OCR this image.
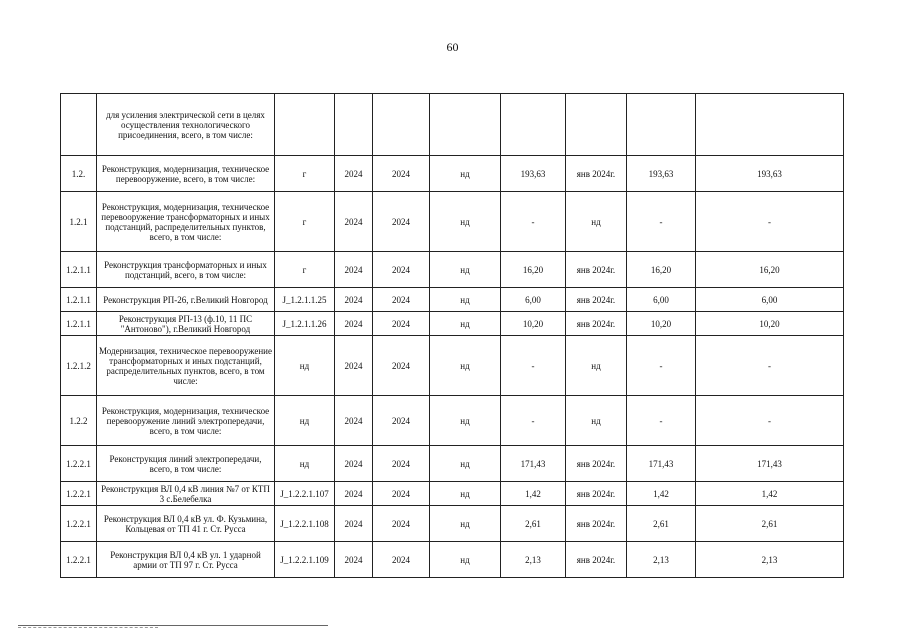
60
	для усиления электрической сети в целях осуществления технологического присоединения, всего, в том числе:								
1.2.	Реконструкция, модернизация, техническое перевооружение, всего, в том числе:	г	2024	2024	нд	193,63	янв 2024г.	193,63	193,63
1.2.1	Реконструкция, модернизация, техническое перевооружение трансформаторных и иных подстанций, распределительных пунктов, всего, в том числе:	г	2024	2024	нд	-	нд	-	-
1.2.1.1	Реконструкция трансформаторных и иных подстанций, всего, в том числе:	г	2024	2024	нд	16,20	янв 2024г.	16,20	16,20
1.2.1.1	Реконструкция РП-26, г.Великий Новгород	J_1.2.1.1.25	2024	2024	нд	6,00	янв 2024г.	6,00	6,00
1.2.1.1	Реконструкция РП-13 (ф.10, 11 ПС "Антоново"), г.Великий Новгород	J_1.2.1.1.26	2024	2024	нд	10,20	янв 2024г.	10,20	10,20
1.2.1.2	Модернизация, техническое перевооружение трансформаторных и иных подстанций, распределительных пунктов, всего, в том числе:	нд	2024	2024	нд	-	нд	-	-
1.2.2	Реконструкция, модернизация, техническое перевооружение линий электропередачи, всего, в том числе:	нд	2024	2024	нд	-	нд	-	-
1.2.2.1	Реконструкция линий электропередачи, всего, в том числе:	нд	2024	2024	нд	171,43	янв 2024г.	171,43	171,43
1.2.2.1	Реконструкция ВЛ 0,4 кВ линия №7 от КТП 3 с.Белебелка	J_1.2.2.1.107	2024	2024	нд	1,42	янв 2024г.	1,42	1,42
1.2.2.1	Реконструкция ВЛ 0,4 кВ ул. Ф. Кузьмина, Кольцевая от ТП 41 г. Ст. Русса	J_1.2.2.1.108	2024	2024	нд	2,61	янв 2024г.	2,61	2,61
1.2.2.1	Реконструкция ВЛ 0,4 кВ ул. 1 ударной армии от ТП 97 г. Ст. Русса	J_1.2.2.1.109	2024	2024	нд	2,13	янв 2024г.	2,13	2,13
